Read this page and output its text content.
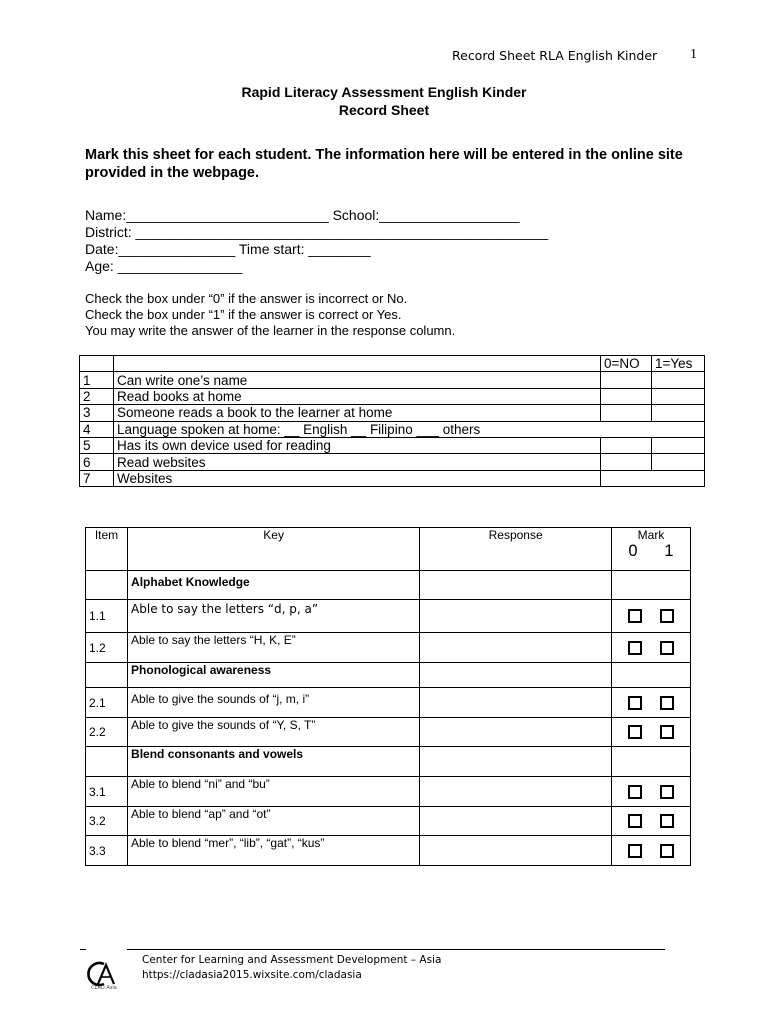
Record Sheet RLA English Kinder 1
Rapid Literacy Assessment English Kinder
Record Sheet
Mark this sheet for each student. The information here will be entered in the online site provided in the webpage.
Name:__________________________ School:__________________
District: _____________________________________________________
Date:_______________ Time start: ________
Age: ________________
Check the box under “0” if the answer is incorrect or No.
Check the box under “1” if the answer is correct or Yes.
You may write the answer of the learner in the response column.
		0=NO	1=Yes
1	Can write one’s name		
2	Read books at home		
3	Someone reads a book to the learner at home		
4	Language spoken at home: __ English __ Filipino ___ others		
5	Has its own device used for reading		
6	Read websites		
7	Websites		
Item	Key	Response	Mark
0 1

	Alphabet Knowledge		
1.1	Able to say the letters “d, p, a”		

1.2	Able to say the letters “H, K, E”		

	Phonological awareness		
2.1	Able to give the sounds of “j, m, i”		

2.2	Able to give the sounds of “Y, S, T”		

	Blend consonants and vowels		
3.1	Able to blend “ni” and “bu”		

3.2	Able to blend “ap” and “ot”		

3.3	Able to blend “mer”, “lib”, “gat”, “kus”		
CLAD Asia
Center for Learning and Assessment Development – Asia
https://cladasia2015.wixsite.com/cladasia
